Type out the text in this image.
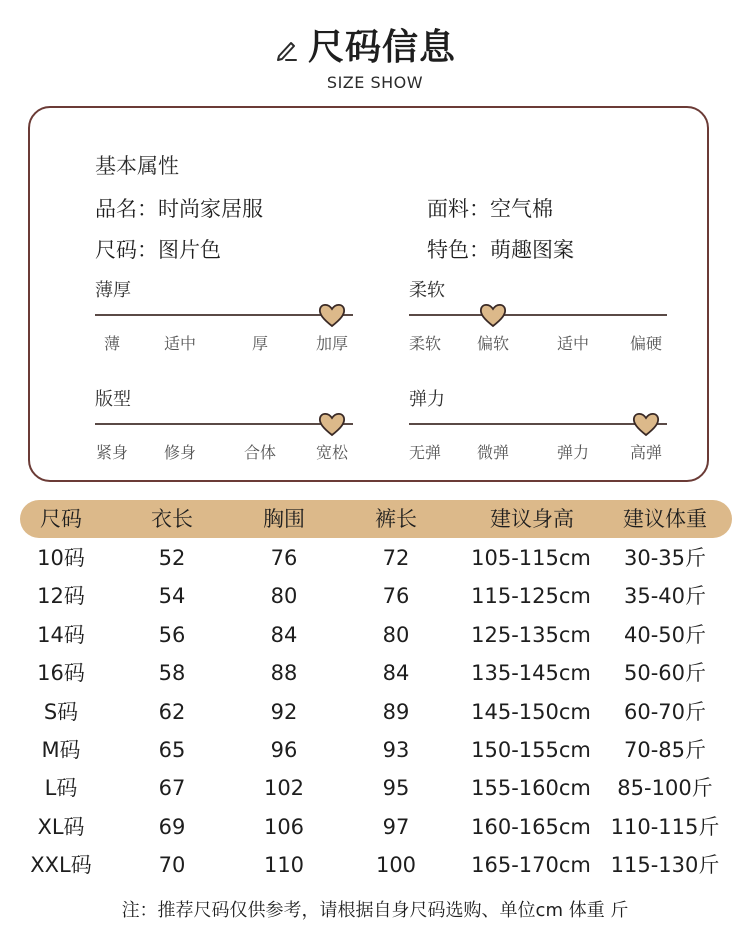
尺码信息
SIZE SHOW
基本属性
品名：时尚家居服	面料：空气棉
尺码：图片色	特色：萌趣图案
薄厚
薄	适中	厚	加厚
柔软
柔软	偏软	适中	偏硬
版型
紧身	修身	合体	宽松
弹力
无弹	微弹	弹力	高弹
尺码	衣长	胸围	裤长	建议身高	建议体重
10码	52	76	72	105-115cm	30-35斤
12码	54	80	76	115-125cm	35-40斤
14码	56	84	80	125-135cm	40-50斤
16码	58	88	84	135-145cm	50-60斤
S码	62	92	89	145-150cm	60-70斤
M码	65	96	93	150-155cm	70-85斤
L码	67	102	95	155-160cm	85-100斤
XL码	69	106	97	160-165cm 110-115斤
XXL码	70	110	100	165-170cm 115-130斤
注：推荐尺码仅供参考，请根据自身尺码选购、单位cm 体重 斤
